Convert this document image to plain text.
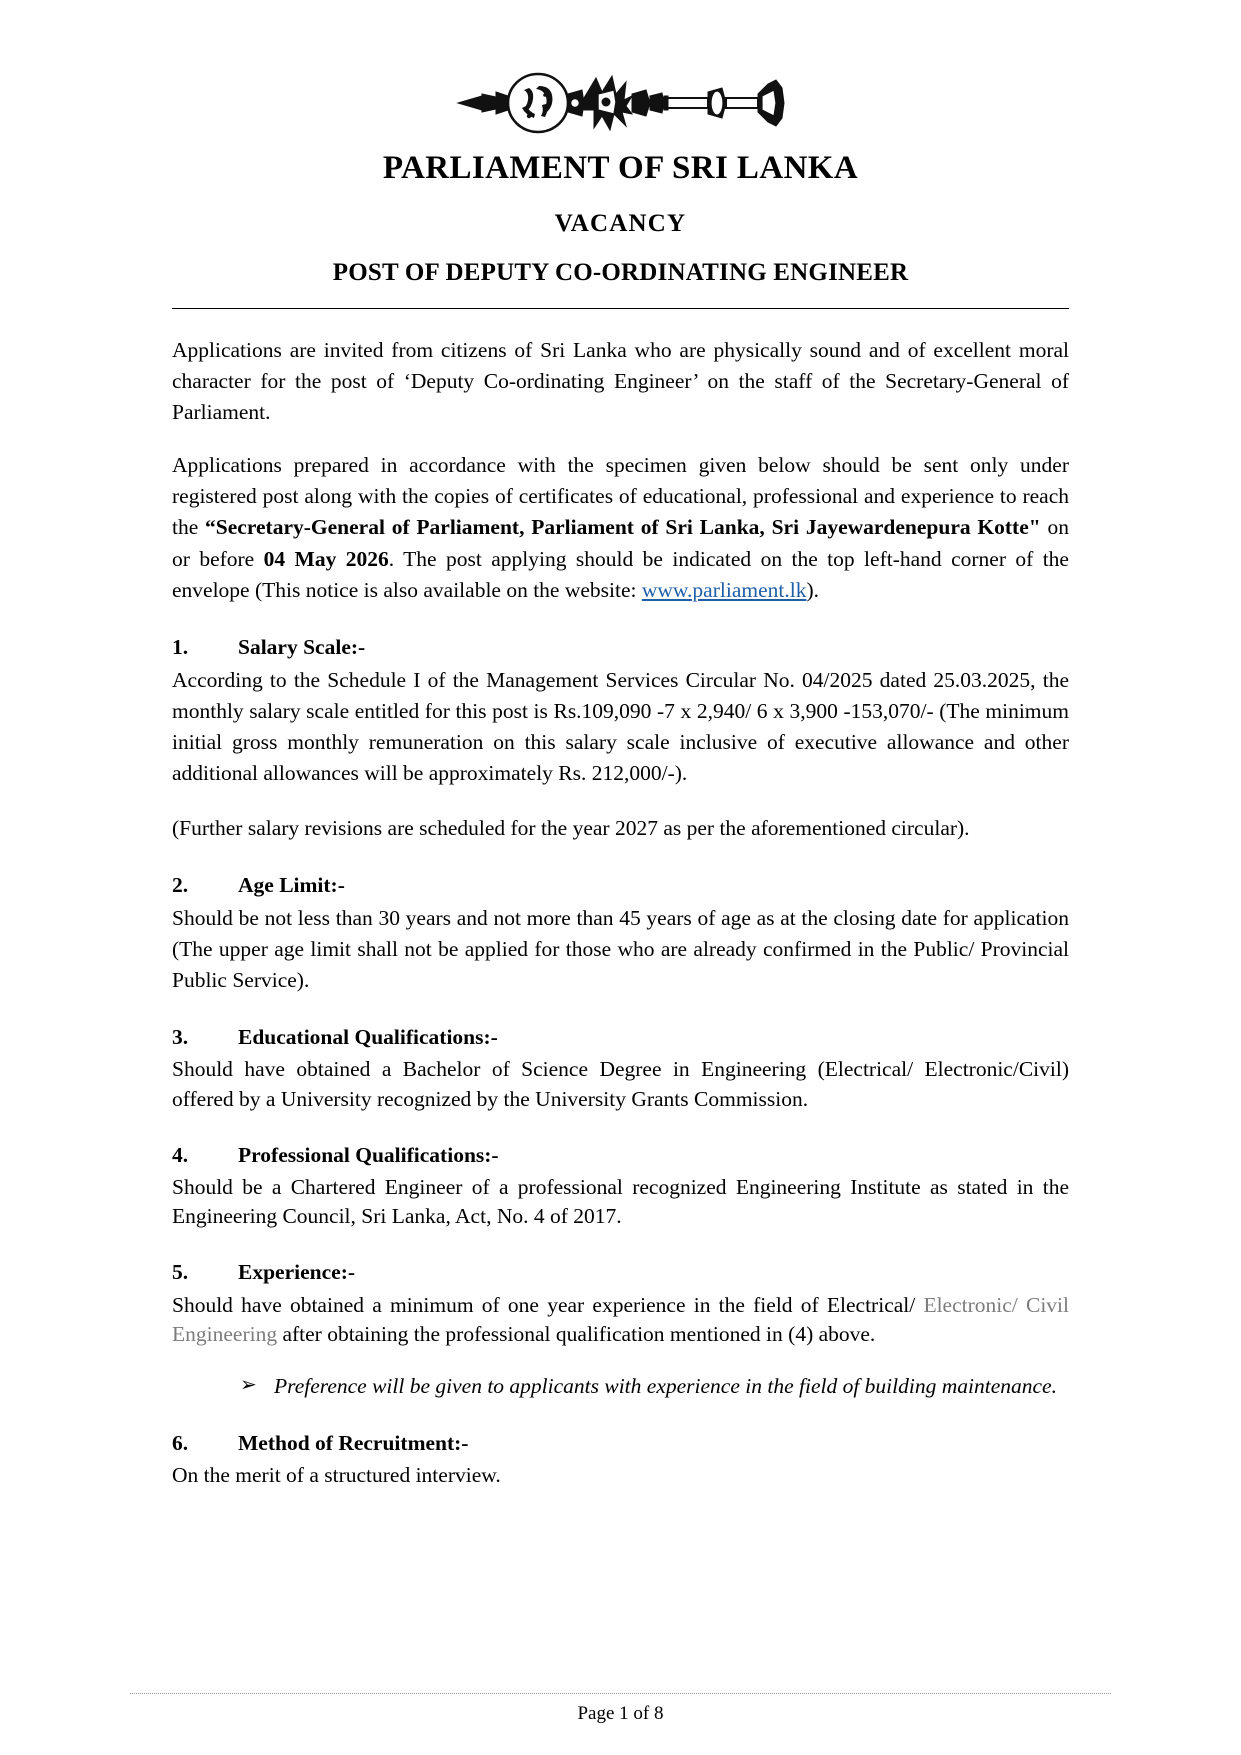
PARLIAMENT OF SRI LANKA
VACANCY
POST OF DEPUTY CO-ORDINATING ENGINEER

Applications are invited from citizens of Sri Lanka who are physically sound and of excellent moral character for the post of ‘Deputy Co-ordinating Engineer’ on the staff of the Secretary-General of Parliament.

Applications prepared in accordance with the specimen given below should be sent only under registered post along with the copies of certificates of educational, professional and experience to reach the “Secretary-General of Parliament, Parliament of Sri Lanka, Sri Jayewardenepura Kotte" on or before 04 May 2026. The post applying should be indicated on the top left-hand corner of the envelope (This notice is also available on the website: www.parliament.lk).

1. Salary Scale:-

According to the Schedule I of the Management Services Circular No. 04/2025 dated 25.03.2025, the monthly salary scale entitled for this post is Rs.109,090 -7 x 2,940/ 6 x 3,900 -153,070/- (The minimum initial gross monthly remuneration on this salary scale inclusive of executive allowance and other additional allowances will be approximately Rs. 212,000/-).

(Further salary revisions are scheduled for the year 2027 as per the aforementioned circular).

2. Age Limit:-

Should be not less than 30 years and not more than 45 years of age as at the closing date for application (The upper age limit shall not be applied for those who are already confirmed in the Public/ Provincial Public Service).

3. Educational Qualifications:-

Should have obtained a Bachelor of Science Degree in Engineering (Electrical/ Electronic/Civil) offered by a University recognized by the University Grants Commission.

4. Professional Qualifications:-

Should be a Chartered Engineer of a professional recognized Engineering Institute as stated in the Engineering Council, Sri Lanka, Act, No. 4 of 2017.

5. Experience:-

Should have obtained a minimum of one year experience in the field of Electrical/ Electronic/ Civil Engineering after obtaining the professional qualification mentioned in (4) above.

➢ Preference will be given to applicants with experience in the field of building maintenance.

6. Method of Recruitment:-

On the merit of a structured interview.

Page 1 of 8
